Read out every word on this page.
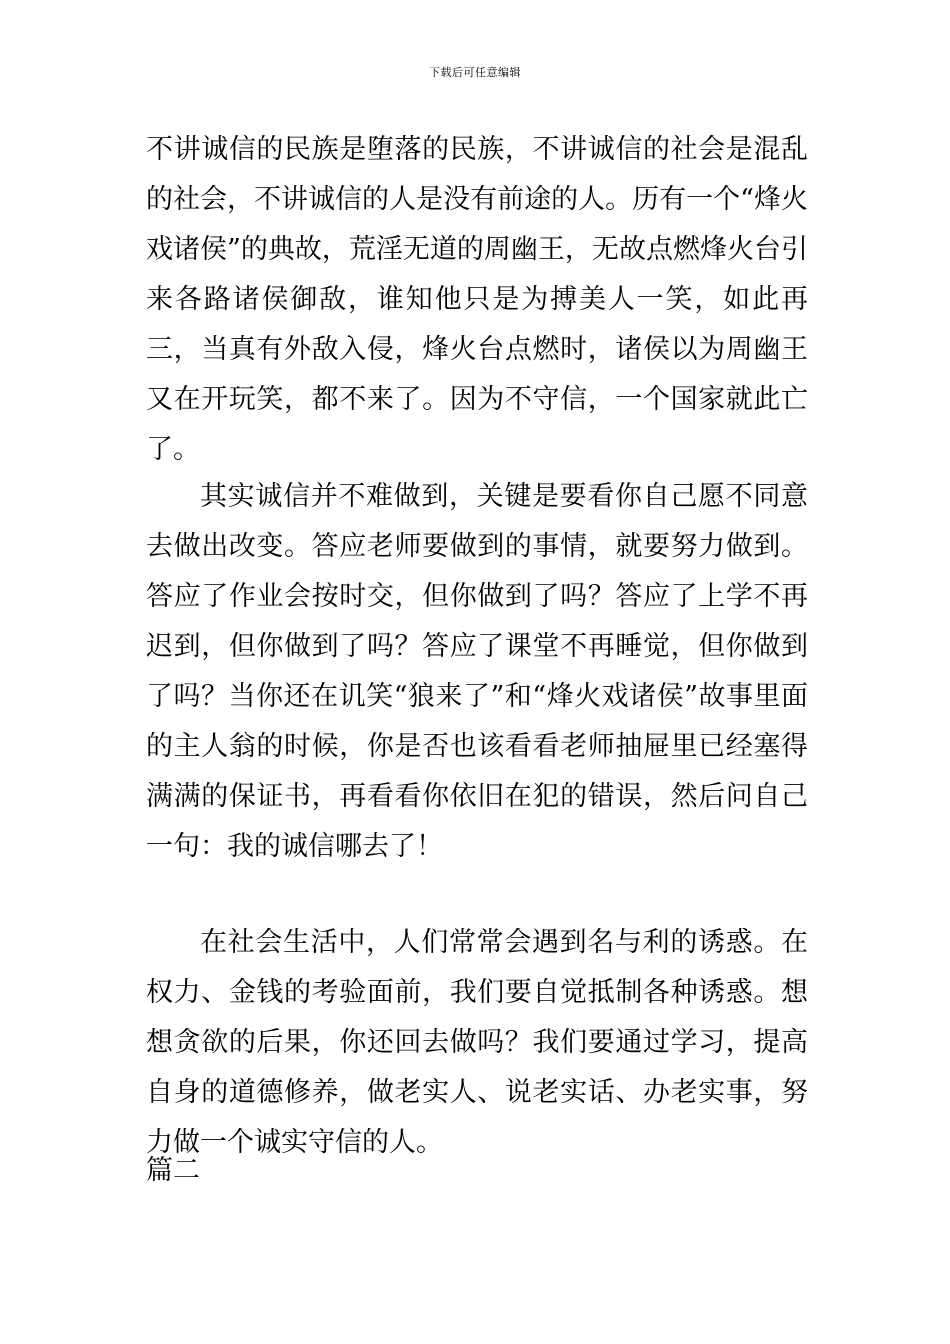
下载后可任意编辑

不讲诚信的民族是堕落的民族，不讲诚信的社会是混乱的社会，不讲诚信的人是没有前途的人。历有一个“烽火戏诸侯”的典故，荒淫无道的周幽王，无故点燃烽火台引来各路诸侯御敌，谁知他只是为搏美人一笑，如此再三，当真有外敌入侵，烽火台点燃时，诸侯以为周幽王又在开玩笑，都不来了。因为不守信，一个国家就此亡了。

其实诚信并不难做到，关键是要看你自己愿不同意去做出改变。答应老师要做到的事情，就要努力做到。答应了作业会按时交，但你做到了吗？答应了上学不再迟到，但你做到了吗？答应了课堂不再睡觉，但你做到了吗？当你还在讥笑“狼来了”和“烽火戏诸侯”故事里面的主人翁的时候，你是否也该看看老师抽屉里已经塞得满满的保证书，再看看你依旧在犯的错误，然后问自己一句：我的诚信哪去了！

在社会生活中，人们常常会遇到名与利的诱惑。在权力、金钱的考验面前，我们要自觉抵制各种诱惑。想想贪欲的后果，你还回去做吗？我们要通过学习，提高自身的道德修养，做老实人、说老实话、办老实事，努力做一个诚实守信的人。

篇二
